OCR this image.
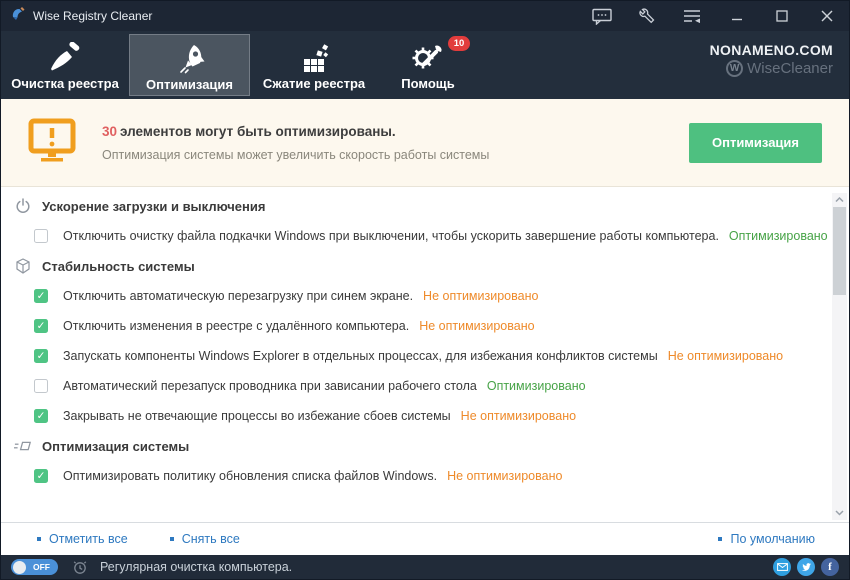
Wise Registry Cleaner
Очистка реестра Оптимизация Сжатие реестра
10
Помощь
NONAMENO.COM
W WiseCleaner
30 элементов могут быть оптимизированы.
Оптимизация системы может увеличить скорость работы системы
Оптимизация
Ускорение загрузки и выключения
Отключить очистку файла подкачки Windows при выключении, чтобы ускорить завершение работы компьютера. Оптимизировано
Стабильность системы
✓ Отключить автоматическую перезагрузку при синем экране. Не оптимизировано
✓ Отключить изменения в реестре с удалённого компьютера. Не оптимизировано
✓ Запускать компоненты Windows Explorer в отдельных процессах, для избежания конфликтов системы Не оптимизировано
Автоматический перезапуск проводника при зависании рабочего стола Оптимизировано
✓ Закрывать не отвечающие процессы во избежание сбоев системы Не оптимизировано
Оптимизация системы
✓ Оптимизировать политику обновления списка файлов Windows. Не оптимизировано
Отметить все	Снять все	По умолчанию
OFF	Регулярная очистка компьютера.	f
